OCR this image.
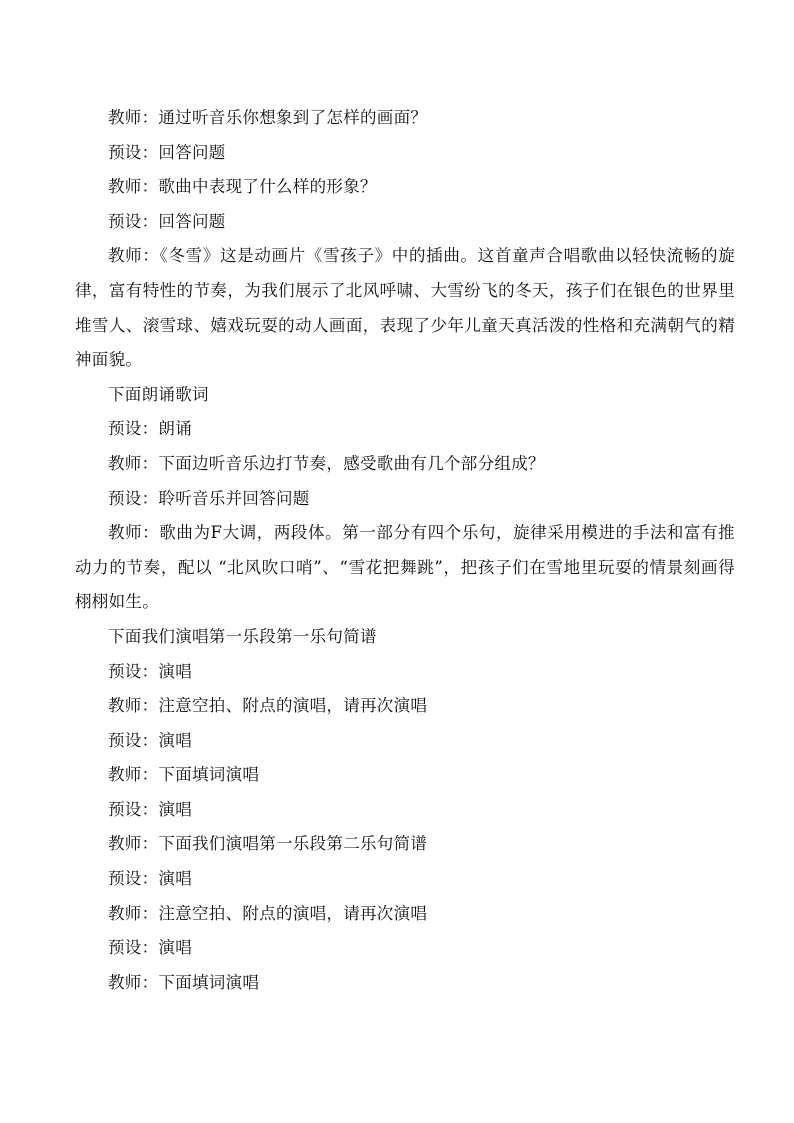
教师：通过听音乐你想象到了怎样的画面？

预设：回答问题

教师：歌曲中表现了什么样的形象？

预设：回答问题

教师：《冬雪》这是动画片《雪孩子》中的插曲。这首童声合唱歌曲以轻快流畅的旋律，富有特性的节奏，为我们展示了北风呼啸、大雪纷飞的冬天，孩子们在银色的世界里堆雪人、滚雪球、嬉戏玩耍的动人画面，表现了少年儿童天真活泼的性格和充满朝气的精神面貌。

下面朗诵歌词

预设：朗诵

教师：下面边听音乐边打节奏，感受歌曲有几个部分组成？

预设：聆听音乐并回答问题

教师：歌曲为F大调，两段体。第一部分有四个乐句，旋律采用模进的手法和富有推动力的节奏，配以 “北风吹口哨”、“雪花把舞跳”，把孩子们在雪地里玩耍的情景刻画得栩栩如生。

下面我们演唱第一乐段第一乐句简谱

预设：演唱

教师：注意空拍、附点的演唱，请再次演唱

预设：演唱

教师：下面填词演唱

预设：演唱

教师：下面我们演唱第一乐段第二乐句简谱

预设：演唱

教师：注意空拍、附点的演唱，请再次演唱

预设：演唱

教师：下面填词演唱
